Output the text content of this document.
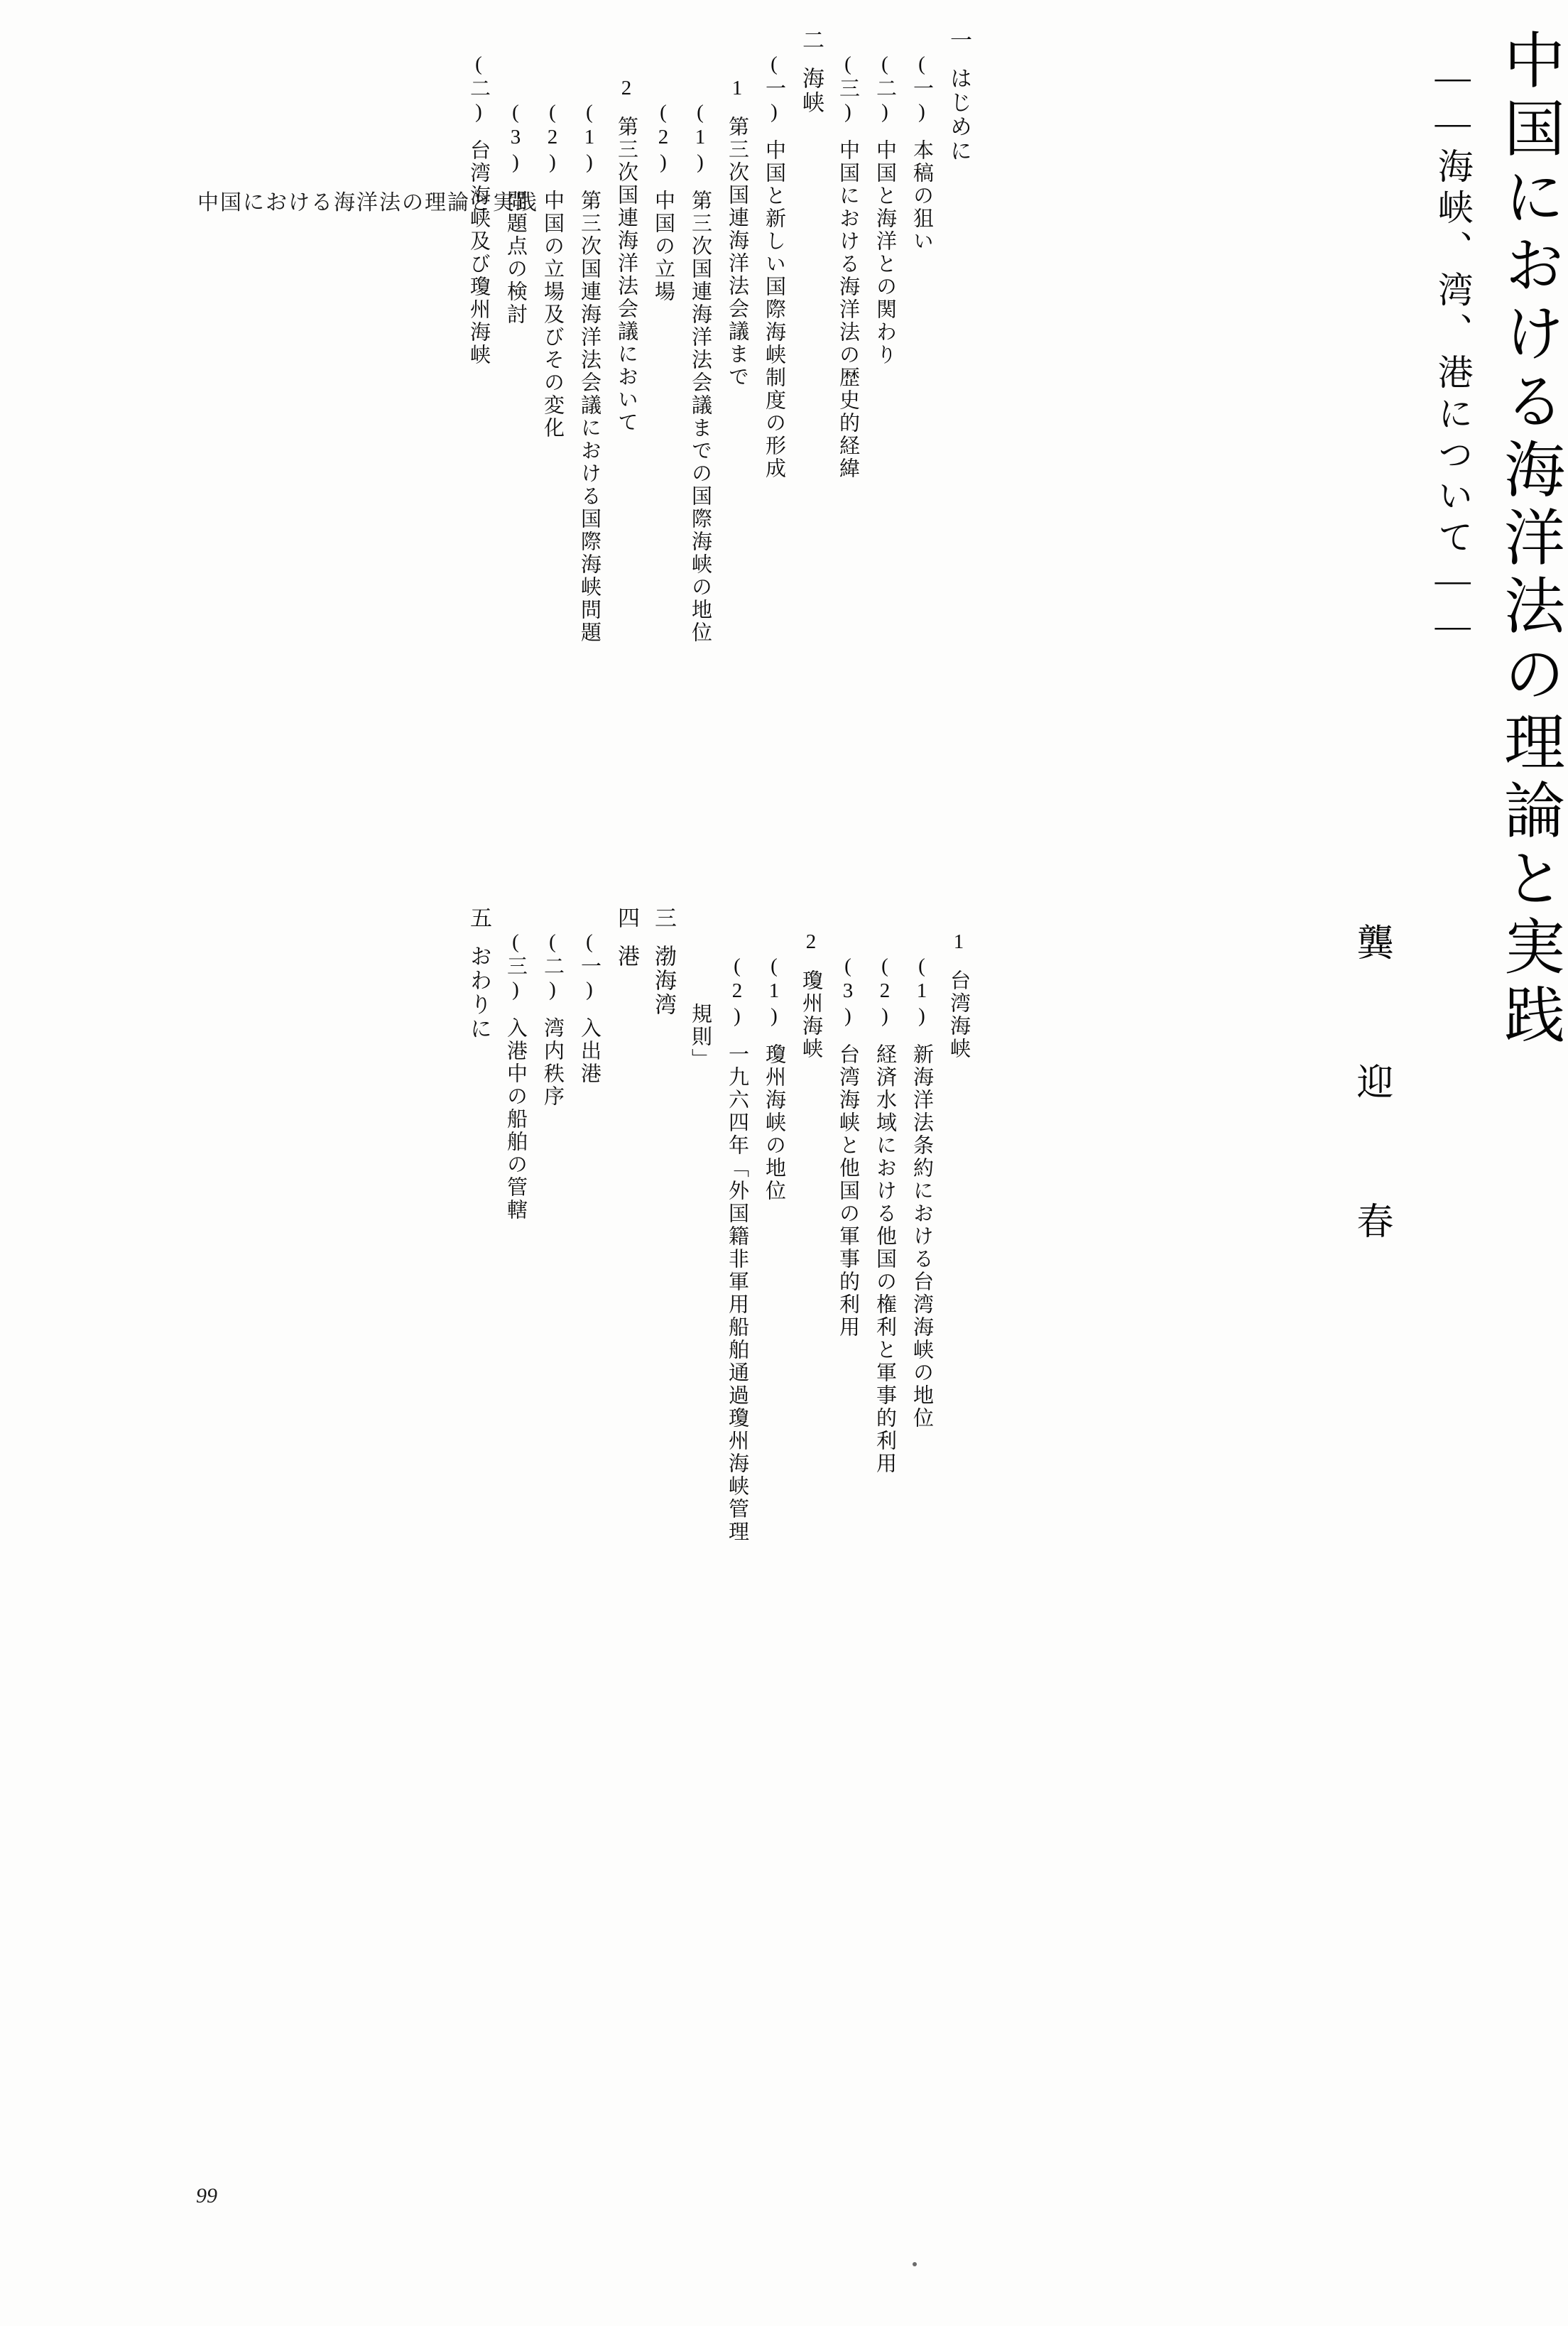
中国における海洋法の理論と実践	中国における海洋法の理論と実践
――海峡、湾、港について――
龔　迎　春
一はじめに
(一)本稿の狙い
(二)中国と海洋との関わり
(三)中国における海洋法の歴史的経緯
二海峡
(一)中国と新しい国際海峡制度の形成
1第三次国連海洋法会議まで
(1)第三次国連海洋法会議までの国際海峡の地位
(2)中国の立場
2第三次国連海洋法会議において
(1)第三次国連海洋法会議における国際海峡問題
(2)中国の立場及びその変化
(3)問題点の検討
(二)台湾海峡及び瓊州海峡
1台湾海峡
(1)新海洋法条約における台湾海峡の地位
(2)経済水域における他国の権利と軍事的利用
(3)台湾海峡と他国の軍事的利用
2瓊州海峡
(1)瓊州海峡の地位
(2)一九六四年「外国籍非軍用船舶通過瓊州海峡管理
規則」
三渤海湾
四港
(一)入出港
(二)湾内秩序
(三)入港中の船舶の管轄
五おわりに
99
